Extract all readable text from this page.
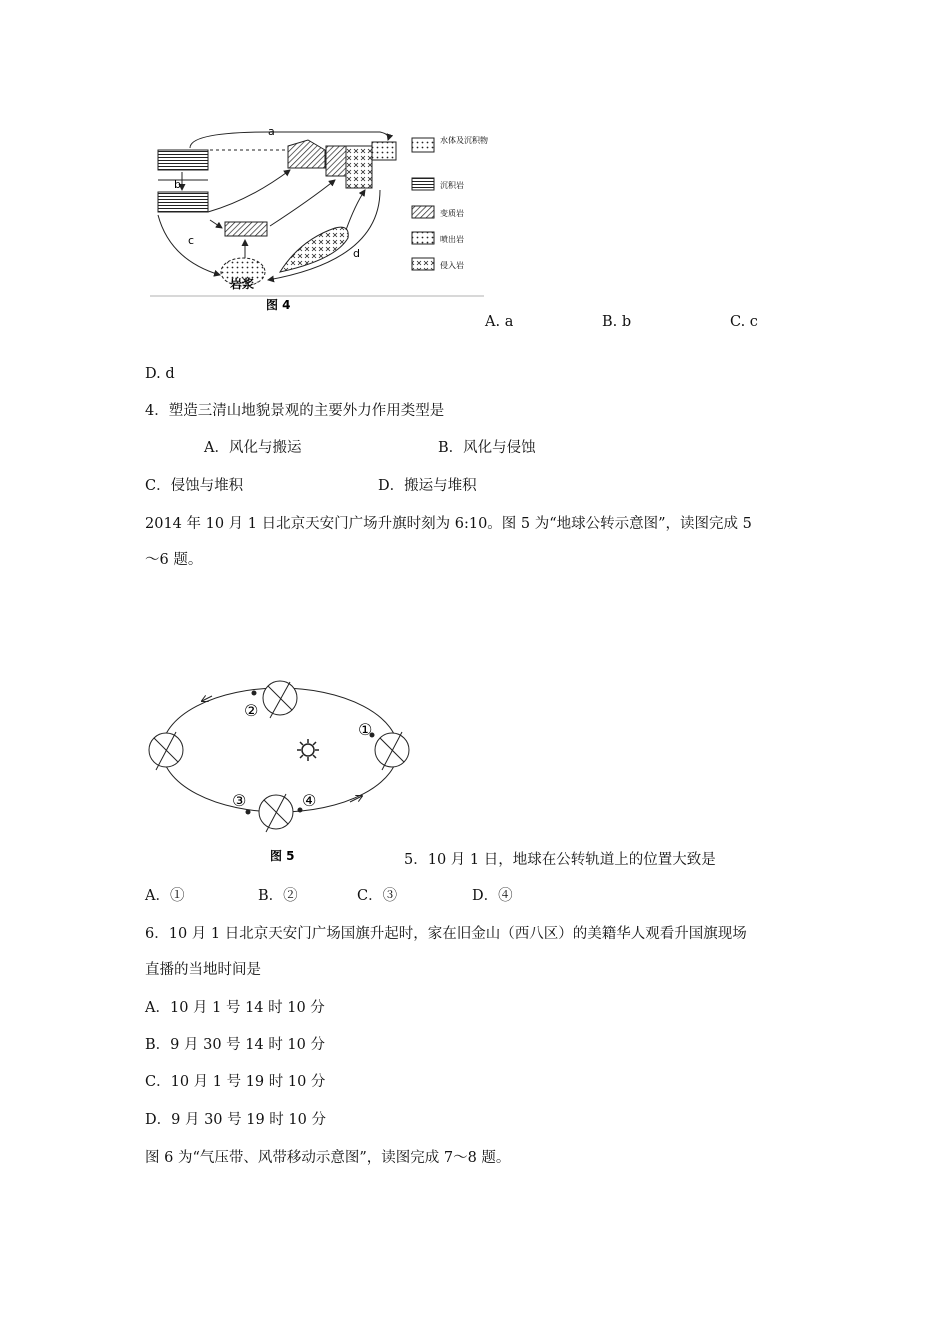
a
b
岩浆
c
d
水体及沉积物
沉积岩
变质岩
喷出岩
侵入岩
图 4
A. a	B. b	C. c
D. d
4．塑造三清山地貌景观的主要外力作用类型是
A．风化与搬运	B．风化与侵蚀
C．侵蚀与堆积	D．搬运与堆积
2014 年 10 月 1 日北京天安门广场升旗时刻为 6:10。图 5 为“地球公转示意图”，读图完成 5
～6 题。
①
②
③	④
图 5	5．10 月 1 日，地球在公转轨道上的位置大致是
A．①	B．②	C．③	D．④
6．10 月 1 日北京天安门广场国旗升起时，家在旧金山（西八区）的美籍华人观看升国旗现场
直播的当地时间是
A．10 月 1 号 14 时 10 分
B．9 月 30 号 14 时 10 分
C．10 月 1 号 19 时 10 分
D．9 月 30 号 19 时 10 分
图 6 为“气压带、风带移动示意图”，读图完成 7～8 题。
